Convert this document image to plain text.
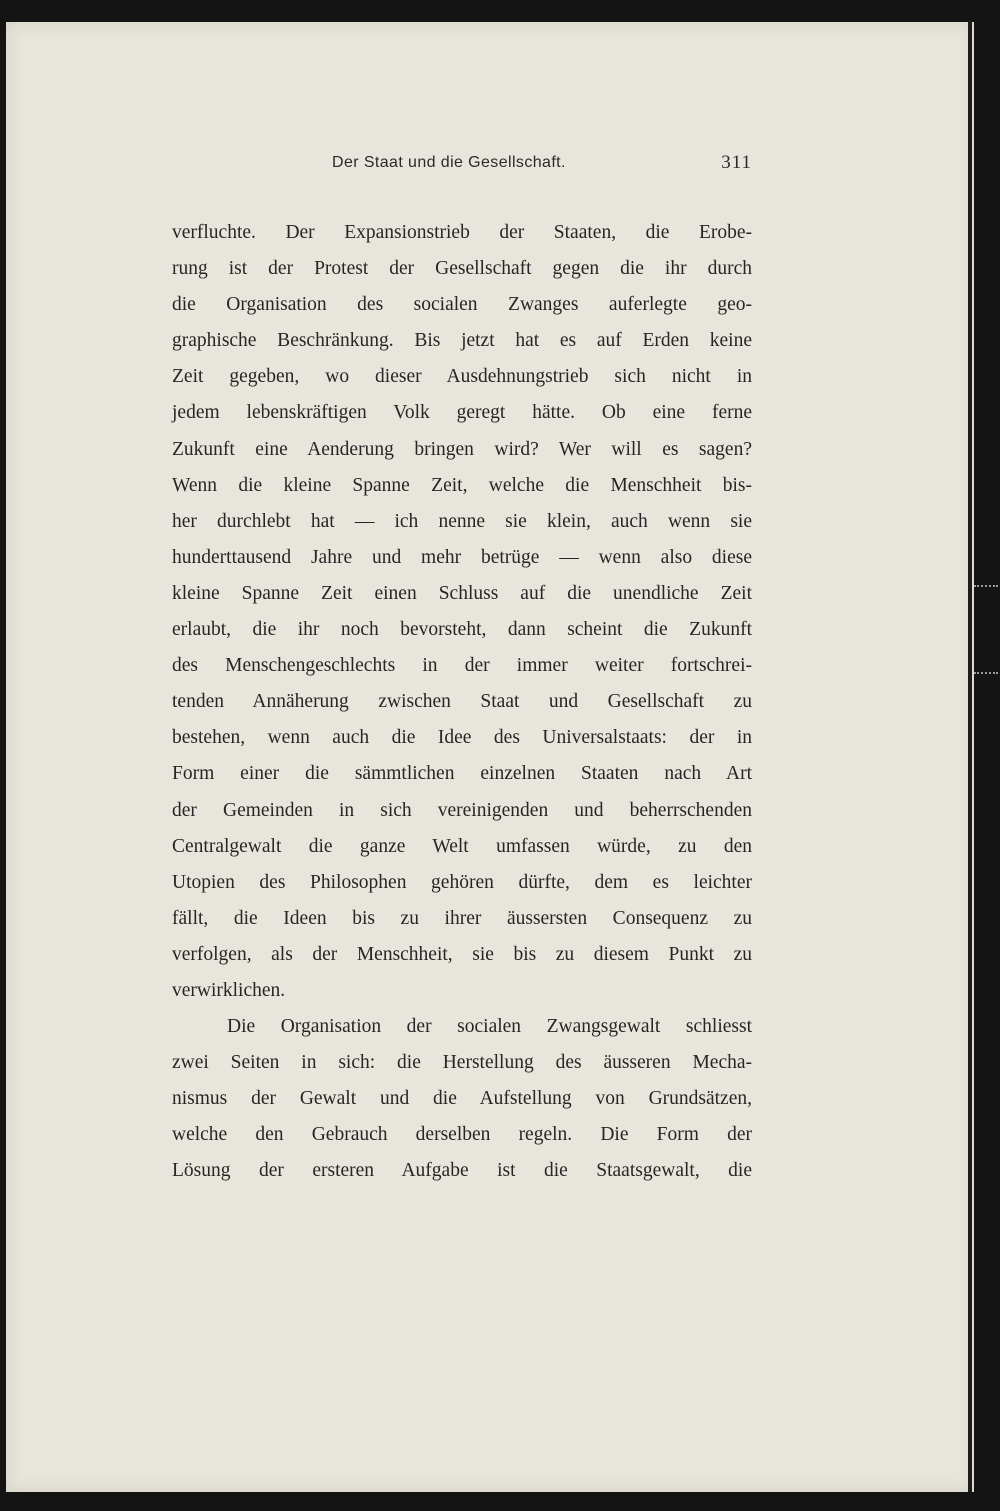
Der Staat und die Gesellschaft.	311
verfluchte. Der Expansionstrieb der Staaten, die Erobe-
rung ist der Protest der Gesellschaft gegen die ihr durch
die Organisation des socialen Zwanges auferlegte geo-
graphische Beschränkung. Bis jetzt hat es auf Erden keine
Zeit gegeben, wo dieser Ausdehnungstrieb sich nicht in
jedem lebenskräftigen Volk geregt hätte. Ob eine ferne
Zukunft eine Aenderung bringen wird? Wer will es sagen?
Wenn die kleine Spanne Zeit, welche die Menschheit bis-
her durchlebt hat — ich nenne sie klein, auch wenn sie
hunderttausend Jahre und mehr betrüge — wenn also diese
kleine Spanne Zeit einen Schluss auf die unendliche Zeit
erlaubt, die ihr noch bevorsteht, dann scheint die Zukunft
des Menschengeschlechts in der immer weiter fortschrei-
tenden Annäherung zwischen Staat und Gesellschaft zu
bestehen, wenn auch die Idee des Universalstaats: der in
Form einer die sämmtlichen einzelnen Staaten nach Art
der Gemeinden in sich vereinigenden und beherrschenden
Centralgewalt die ganze Welt umfassen würde, zu den
Utopien des Philosophen gehören dürfte, dem es leichter
fällt, die Ideen bis zu ihrer äussersten Consequenz zu
verfolgen, als der Menschheit, sie bis zu diesem Punkt zu
verwirklichen.
Die Organisation der socialen Zwangsgewalt schliesst
zwei Seiten in sich: die Herstellung des äusseren Mecha-
nismus der Gewalt und die Aufstellung von Grundsätzen,
welche den Gebrauch derselben regeln. Die Form der
Lösung der ersteren Aufgabe ist die Staatsgewalt, die
